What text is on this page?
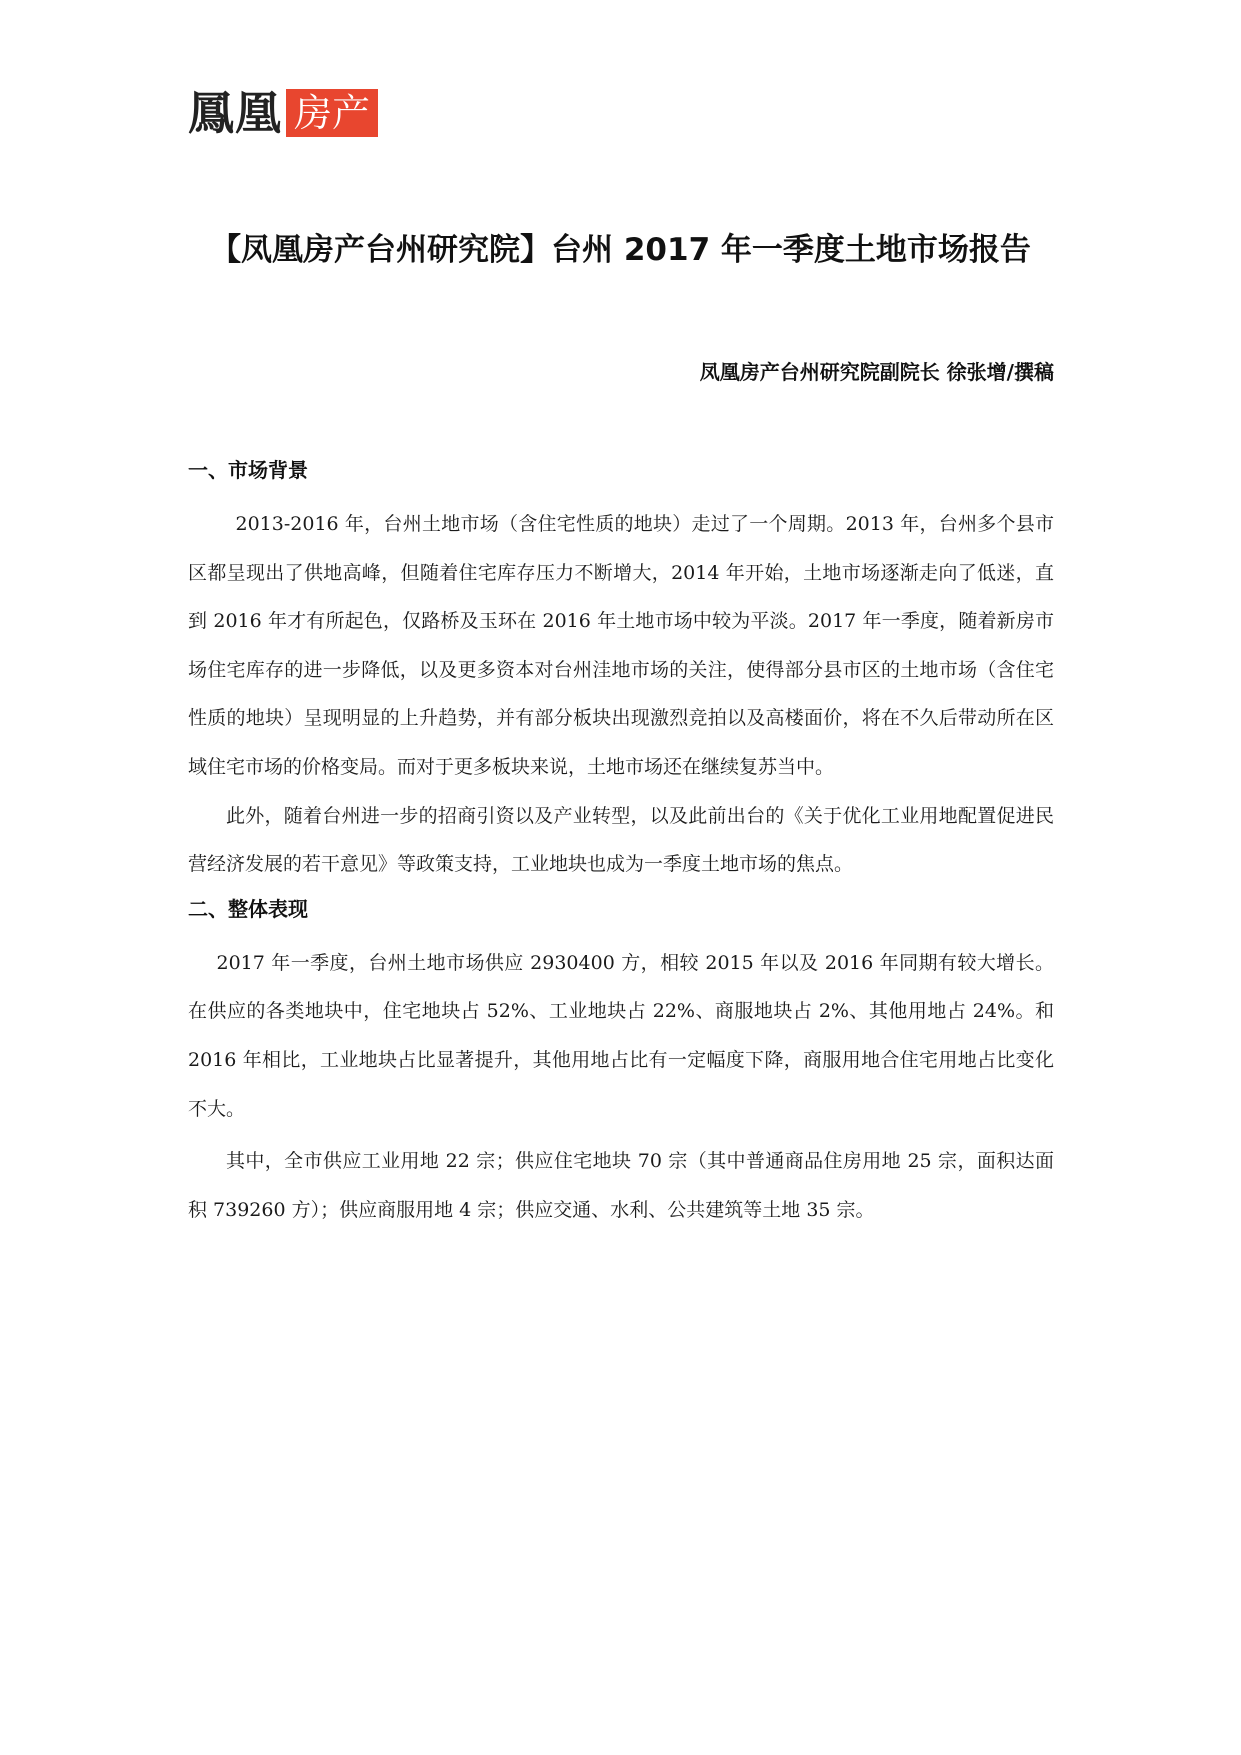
鳳凰 房产
【凤凰房产台州研究院】台州 2017 年一季度土地市场报告
凤凰房产台州研究院副院长 徐张增/撰稿
一、市场背景

2013-2016 年，台州土地市场（含住宅性质的地块）走过了一个周期。2013 年，台州多个县市区都呈现出了供地高峰，但随着住宅库存压力不断增大，2014 年开始，土地市场逐渐走向了低迷，直到 2016 年才有所起色，仅路桥及玉环在 2016 年土地市场中较为平淡。2017 年一季度，随着新房市场住宅库存的进一步降低，以及更多资本对台州洼地市场的关注，使得部分县市区的土地市场（含住宅性质的地块）呈现明显的上升趋势，并有部分板块出现激烈竞拍以及高楼面价，将在不久后带动所在区域住宅市场的价格变局。而对于更多板块来说，土地市场还在继续复苏当中。

此外，随着台州进一步的招商引资以及产业转型，以及此前出台的《关于优化工业用地配置促进民营经济发展的若干意见》等政策支持，工业地块也成为一季度土地市场的焦点。

二、整体表现

2017 年一季度，台州土地市场供应 2930400 方，相较 2015 年以及 2016 年同期有较大增长。在供应的各类地块中，住宅地块占 52%、工业地块占 22%、商服地块占 2%、其他用地占 24%。和 2016 年相比，工业地块占比显著提升，其他用地占比有一定幅度下降，商服用地合住宅用地占比变化不大。

其中，全市供应工业用地 22 宗；供应住宅地块 70 宗（其中普通商品住房用地 25 宗，面积达面积 739260 方）；供应商服用地 4 宗；供应交通、水利、公共建筑等土地 35 宗。
